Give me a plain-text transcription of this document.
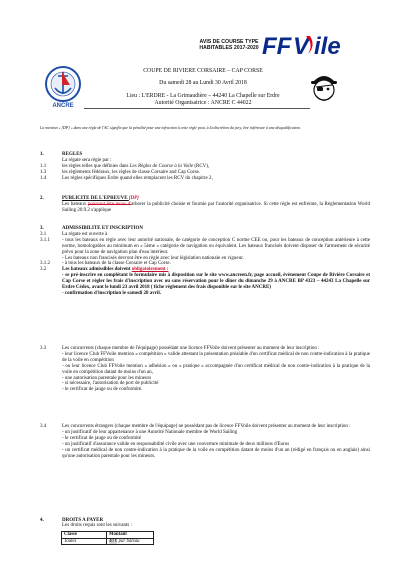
AVIS DE COURSE TYPE
HABITABLES 2017-2020 FF V ile
ANCRE
COUPE DE RIVIERE CORSAIRE – CAP CORSE
Du samedi 28 au Lundi 30 Avril 2018
Lieu : L'ERDRE - La Grimaudière – 44240 La Chapelle sur Erdre
Autorité Organisatrice : ANCRE C 44022
La mention « [DP] » dans une règle de l'AC signifie que la pénalité pour une infraction à cette règle peut, à la discrétion du jury, être inférieure à une disqualification.
1.	REGLES
La régate sera régie par :
1.1	les règles telles que définies dans Les Règles de Course à la Voile (RCV),
1.3	les règlements fédéraux, les règles de classe Corsaire and Cap Corse.
1.4	Les règles spécifiques Erdre quand elles remplacent les RCV du chapitre 2,
2.	PUBLICITE DE L'EPREUVE [DP]
Les bateaux pourront être tenus d'arborer la publicité choisie et fournie par l'autorité organisatrice. Si cette règle est enfreinte, la Réglementation World Sailing 20.9.2 s'applique
3.	ADMISSIBILITE ET INSCRIPTION
3.1	La régate est ouverte à
3.1.1	- tous les bateaux en règle avec leur autorité nationale, de catégorie de conception C norme CEE ou, pour les bateaux de conception antérieure à cette norme, homologables au minimum en « 5ème » catégorie de navigation ou équivalent. Les bateaux francisés doivent disposer de l'armement de sécurité prévu pour la zone de navigation plan d'eau intérieur.
- Les bateaux non francisés devront être en règle avec leur législation nationale en vigueur.
3.1.2	- à tous les bateaux de la classe Corsaire et Cap Corse.
3.2	Les bateaux admissibles doivent obligatoirement :
- se pré-inscrire en complétant le formulaire mis à disposition sur le site www.ancreen.fr, page accueil, évènement Coupe de Rivière Corsaire et Cap Corse et régler les frais d'inscription avec ou sans réservation pour le dîner du dimanche 29 à ANCRE BP 4323 – 44243 La Chapelle sur Erdre Cédex, avant le lundi 23 avril 2018 ( fiche réglement des frais disponible sur le site ANCRE)
- confirmation d'inscription le samedi 28 avril.
3.3	Les concurrents (chaque membre de l'équipage) possédant une licence FFVoile doivent présenter au moment de leur inscription :
- leur licence Club FFVoile mention « compétition » valide attestant la présentation préalable d'un certificat médical de non contre-indication à la pratique de la voile en compétition
- ou leur licence Club FFVoile mention « adhésion » ou « pratique » accompagnée d'un certificat médical de non contre-indication à la pratique de la voile en compétition datant de moins d'un an,
- une autorisation parentale pour les mineurs
- si nécessaire, l'autorisation de port de publicité
- le certificat de jauge ou de conformité.
3.4	Les concurrents étrangers (chaque membre de l'équipage) ne possédant pas de licence FFVoile doivent présenter au moment de leur inscription :
- un justificatif de leur appartenance à une Autorité Nationale membre de World Sailing
- le certificat de jauge ou de conformité
- un justificatif d'assurance valide en responsabilité civile avec une couverture minimale de deux millions d'Euros
- un certificat médical de non contre-indication à la pratique de la voile en compétition datant de moins d'un an (rédigé en français ou en anglais) ainsi qu'une autorisation parentale pour les mineurs.
4.	DROITS A PAYER
Les droits requis sont les suivants :
Classe	Montant
Toutes	40 € par bateau
